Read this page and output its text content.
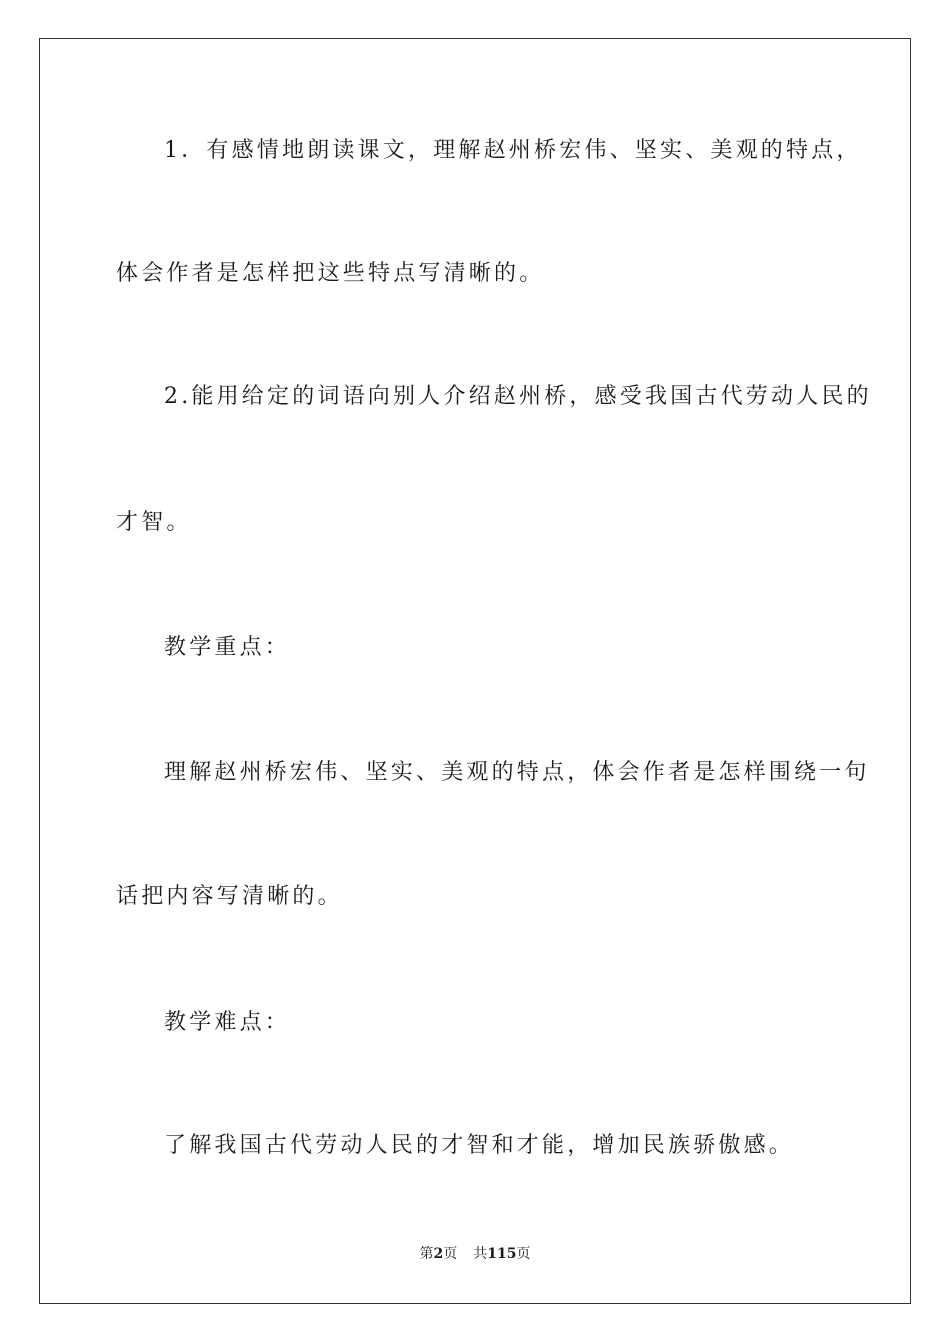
1．有感情地朗读课文，理解赵州桥宏伟、坚实、美观的特点，
体会作者是怎样把这些特点写清晰的。
2.能用给定的词语向别人介绍赵州桥，感受我国古代劳动人民的
才智。
教学重点：
理解赵州桥宏伟、坚实、美观的特点，体会作者是怎样围绕一句
话把内容写清晰的。
教学难点：
了解我国古代劳动人民的才智和才能，增加民族骄傲感。
第2页 共115页
